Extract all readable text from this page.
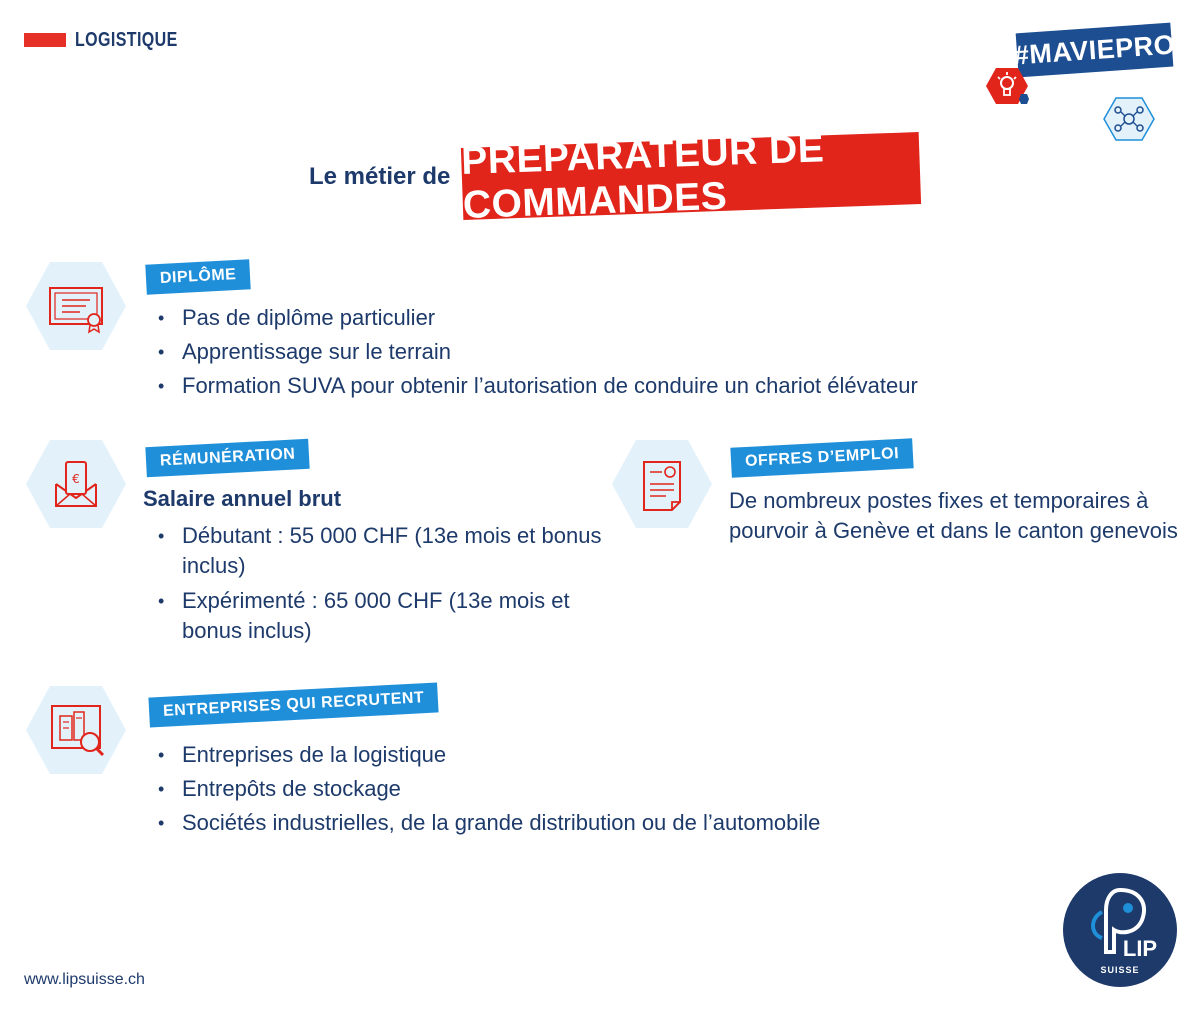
LOGISTIQUE	#MAVIEPRO
Le métier de PRÉPARATEUR DE COMMANDES
DIPLÔME
• Pas de diplôme particulier
• Apprentissage sur le terrain
• Formation SUVA pour obtenir l’autorisation de conduire un chariot élévateur
€
RÉMUNÉRATION
Salaire annuel brut
• Débutant : 55 000 CHF (13e mois et bonus inclus)
• Expérimenté : 65 000 CHF (13e mois et bonus inclus)
OFFRES D’EMPLOI
De nombreux postes fixes et temporaires à pourvoir à Genève et dans le canton genevois
ENTREPRISES QUI RECRUTENT
• Entreprises de la logistique
• Entrepôts de stockage
• Sociétés industrielles, de la grande distribution ou de l’automobile
www.lipsuisse.ch
LIP
SUISSE
